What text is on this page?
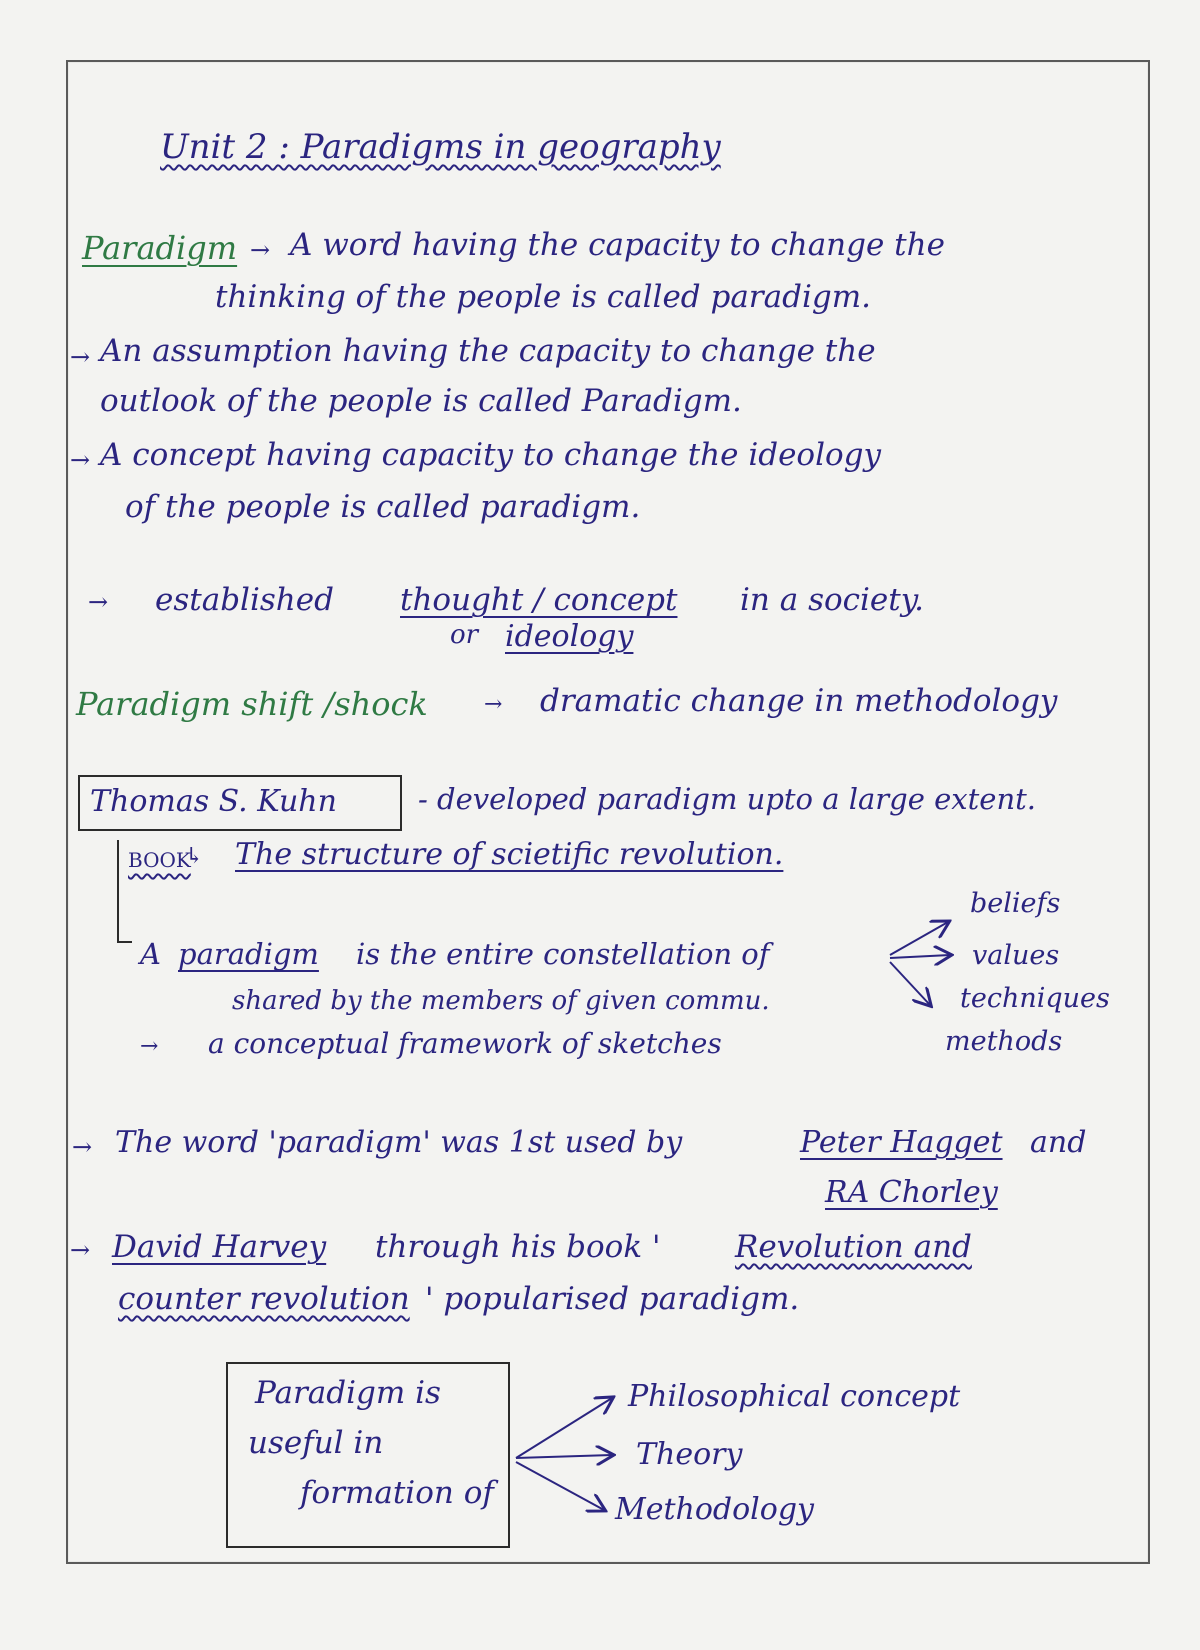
Unit 2 : Paradigms in geography
Paradigm → A word having the capacity to change the
thinking of the people is called paradigm.
→ An assumption having the capacity to change the
outlook of the people is called Paradigm.
→ A concept having capacity to change the ideology
of the people is called paradigm.
→ established thought / concept in a society.
or ideology
Paradigm shift /shock	→ dramatic change in methodology
Thomas S. Kuhn	- developed paradigm upto a large extent.
BOOK
↳ The structure of scietific revolution.
A paradigm is the entire constellation of
shared by the members of given commu.
beliefs
values
techniques
methods
→ a conceptual framework of sketches
→ The word 'paradigm' was 1st used by	Peter Hagget and
RA Chorley
→ David Harvey through his book ' Revolution and
counter revolution ' popularised paradigm.
Paradigm is
useful in
formation of
Philosophical concept
Theory
Methodology
